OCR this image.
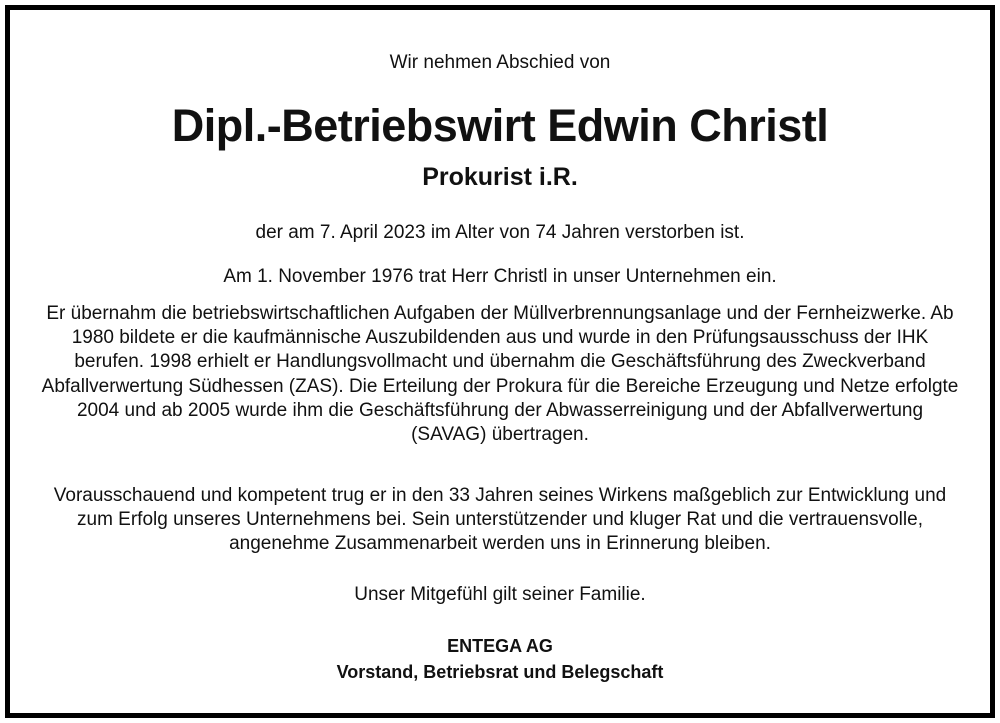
Wir nehmen Abschied von

Dipl.-Betriebswirt Edwin Christl
Prokurist i.R.

der am 7. April 2023 im Alter von 74 Jahren verstorben ist.

Am 1. November 1976 trat Herr Christl in unser Unternehmen ein.

Er übernahm die betriebswirtschaftlichen Aufgaben der Müllverbrennungsanlage und der Fernheizwerke. Ab 1980 bildete er die kaufmännische Auszubildenden aus und wurde in den Prüfungsausschuss der IHK berufen. 1998 erhielt er Handlungsvollmacht und übernahm die Geschäftsführung des Zweckverband Abfallverwertung Südhessen (ZAS). Die Erteilung der Prokura für die Bereiche Erzeugung und Netze erfolgte 2004 und ab 2005 wurde ihm die Geschäftsführung der Abwasserreinigung und der Abfallverwertung (SAVAG) übertragen.

Vorausschauend und kompetent trug er in den 33 Jahren seines Wirkens maßgeblich zur Entwicklung und zum Erfolg unseres Unternehmens bei. Sein unterstützender und kluger Rat und die vertrauensvolle, angenehme Zusammenarbeit werden uns in Erinnerung bleiben.

Unser Mitgefühl gilt seiner Familie.

ENTEGA AG

Vorstand, Betriebsrat und Belegschaft
